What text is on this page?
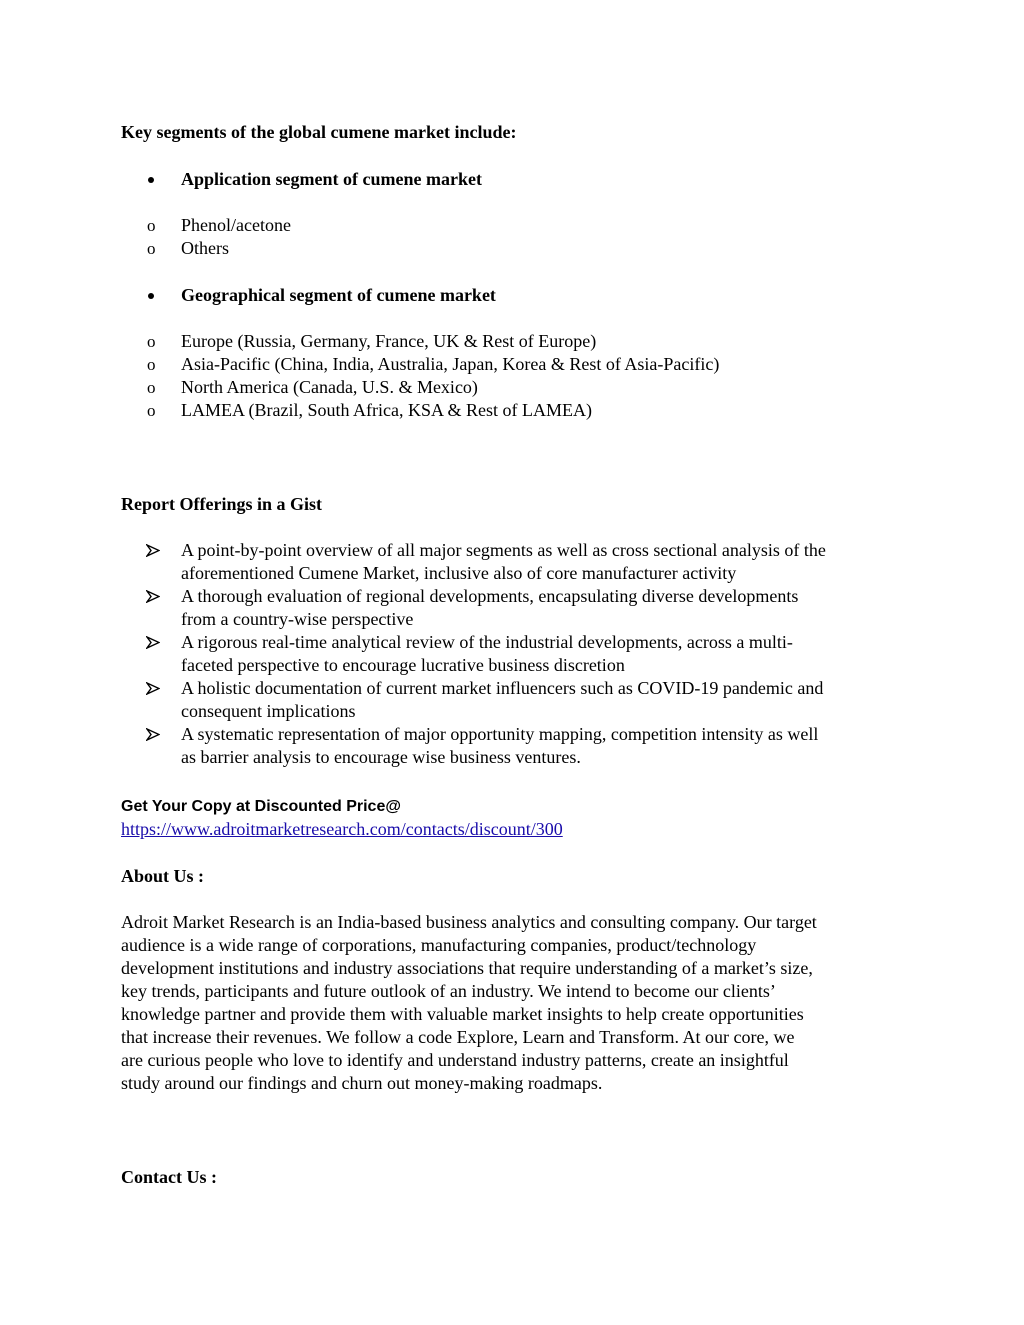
Key segments of the global cumene market include:
Application segment of cumene market
o Phenol/acetone
o Others
Geographical segment of cumene market
o Europe (Russia, Germany, France, UK & Rest of Europe)
o Asia-Pacific (China, India, Australia, Japan, Korea & Rest of Asia-Pacific)
o North America (Canada, U.S. & Mexico)
o LAMEA (Brazil, South Africa, KSA & Rest of LAMEA)
Report Offerings in a Gist
A point-by-point overview of all major segments as well as cross sectional analysis of the
aforementioned Cumene Market, inclusive also of core manufacturer activity
A thorough evaluation of regional developments, encapsulating diverse developments
from a country-wise perspective
A rigorous real-time analytical review of the industrial developments, across a multi-
faceted perspective to encourage lucrative business discretion
A holistic documentation of current market influencers such as COVID-19 pandemic and
consequent implications
A systematic representation of major opportunity mapping, competition intensity as well
as barrier analysis to encourage wise business ventures.
Get Your Copy at Discounted Price@
https://www.adroitmarketresearch.com/contacts/discount/300
About Us :
Adroit Market Research is an India-based business analytics and consulting company. Our target
audience is a wide range of corporations, manufacturing companies, product/technology
development institutions and industry associations that require understanding of a market’s size,
key trends, participants and future outlook of an industry. We intend to become our clients’
knowledge partner and provide them with valuable market insights to help create opportunities
that increase their revenues. We follow a code Explore, Learn and Transform. At our core, we
are curious people who love to identify and understand industry patterns, create an insightful
study around our findings and churn out money-making roadmaps.
Contact Us :
